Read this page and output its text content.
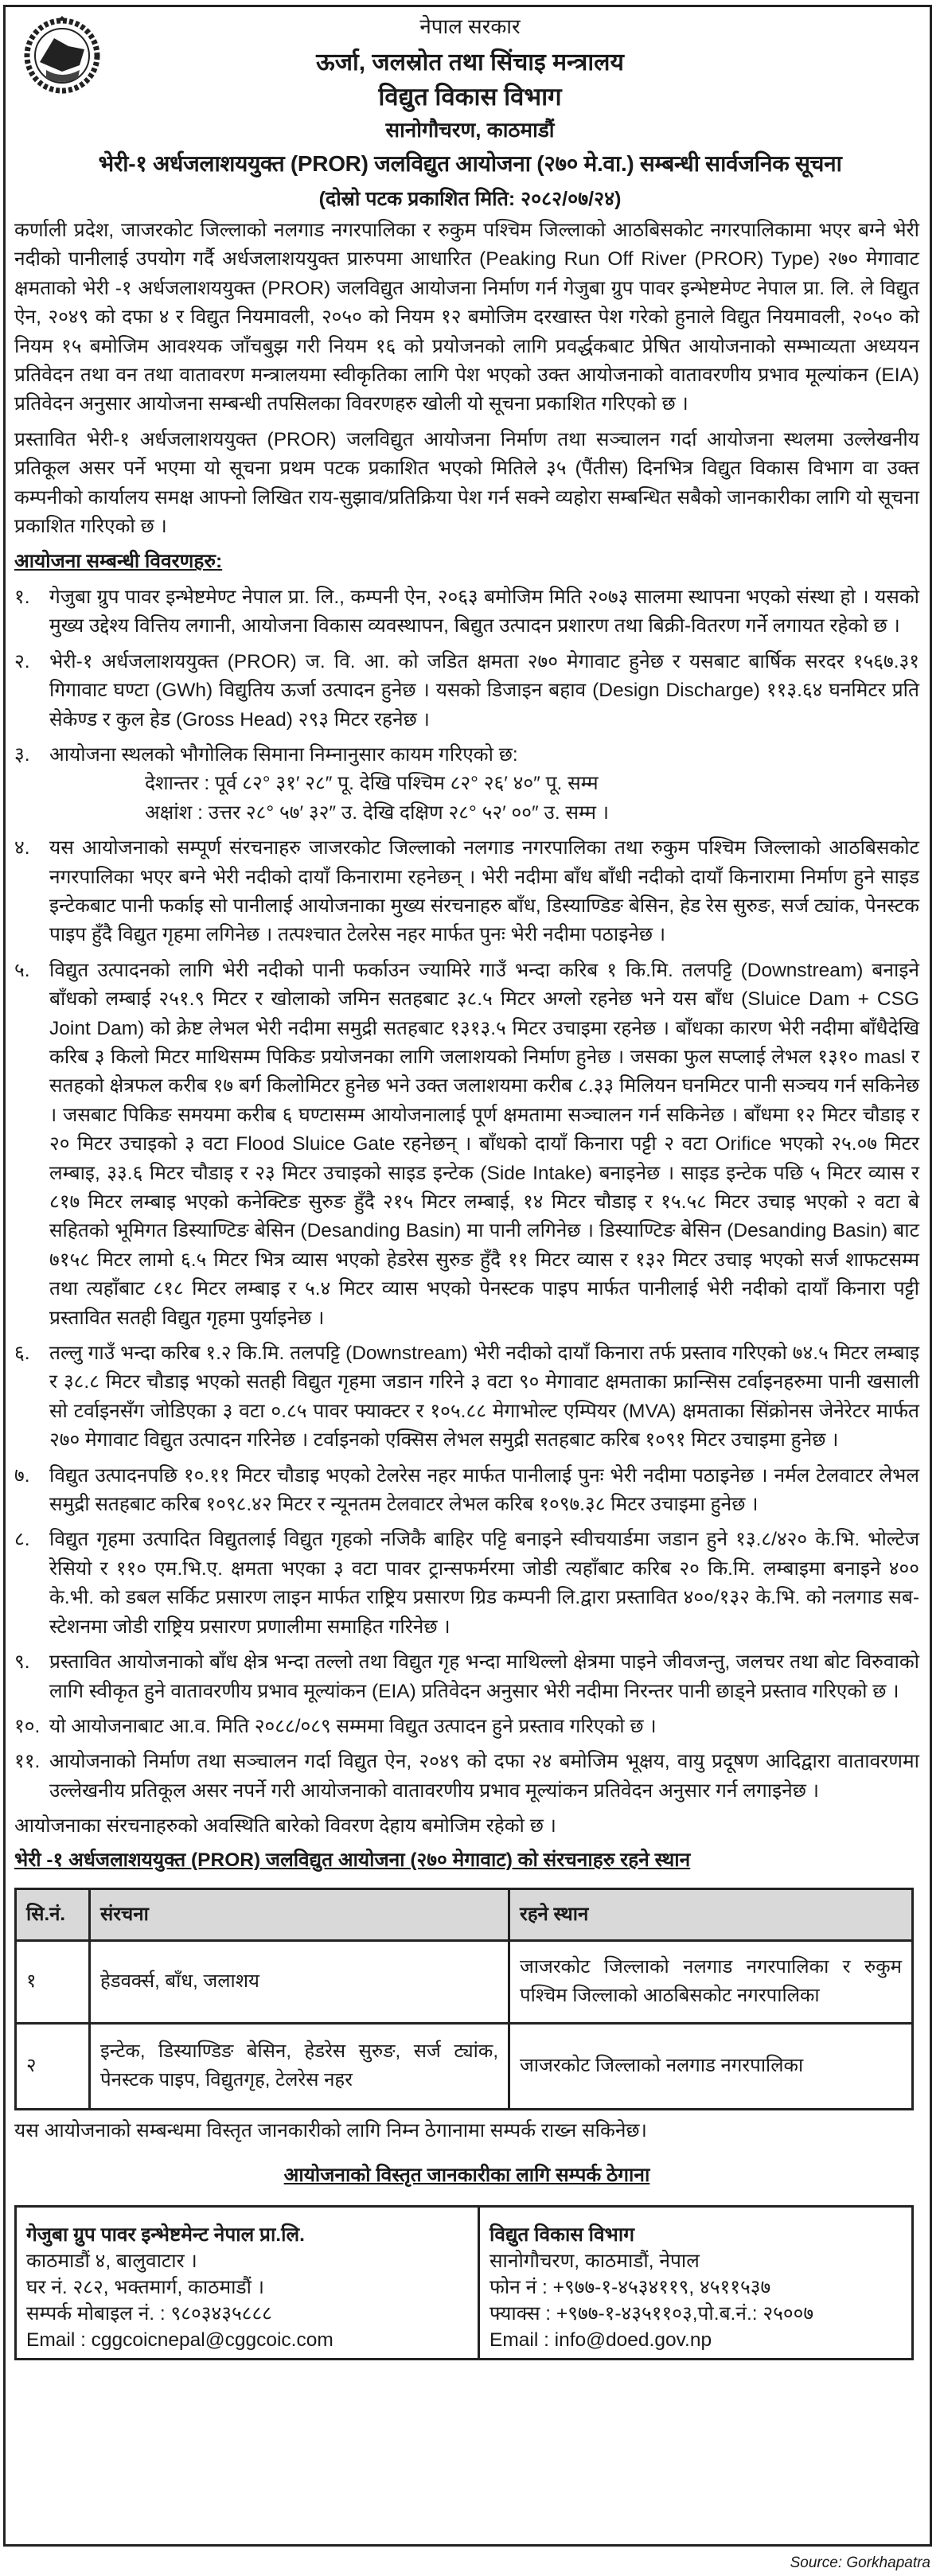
नेपाल सरकार
ऊर्जा, जलस्रोत तथा सिंचाइ मन्त्रालय
विद्युत विकास विभाग
सानोगौचरण, काठमाडौं
भेरी-१ अर्धजलाशययुक्त (PROR) जलविद्युत आयोजना (२७० मे.वा.) सम्बन्धी सार्वजनिक सूचना
(दोस्रो पटक प्रकाशित मिति: २०८२/०७/२४)

कर्णाली प्रदेश, जाजरकोट जिल्लाको नलगाड नगरपालिका र रुकुम पश्चिम जिल्लाको आठबिसकोट नगरपालिकामा भएर बग्ने भेरी नदीको पानीलाई उपयोग गर्दै अर्धजलाशययुक्त प्रारुपमा आधारित (Peaking Run Off River (PROR) Type) २७० मेगावाट क्षमताको भेरी -१ अर्धजलाशययुक्त (PROR) जलविद्युत आयोजना निर्माण गर्न गेजुबा ग्रुप पावर इन्भेष्टमेण्ट नेपाल प्रा. लि. ले विद्युत ऐन, २०४९ को दफा ४ र विद्युत नियमावली, २०५० को नियम १२ बमोजिम दरखास्त पेश गरेको हुनाले विद्युत नियमावली, २०५० को नियम १५ बमोजिम आवश्यक जाँचबुझ गरी नियम १६ को प्रयोजनको लागि प्रवर्द्धकबाट प्रेषित आयोजनाको सम्भाव्यता अध्ययन प्रतिवेदन तथा वन तथा वातावरण मन्त्रालयमा स्वीकृतिका लागि पेश भएको उक्त आयोजनाको वातावरणीय प्रभाव मूल्यांकन (EIA) प्रतिवेदन अनुसार आयोजना सम्बन्धी तपसिलका विवरणहरु खोली यो सूचना प्रकाशित गरिएको छ ।

प्रस्तावित भेरी-१ अर्धजलाशययुक्त (PROR) जलविद्युत आयोजना निर्माण तथा सञ्चालन गर्दा आयोजना स्थलमा उल्लेखनीय प्रतिकूल असर पर्ने भएमा यो सूचना प्रथम पटक प्रकाशित भएको मितिले ३५ (पैंतीस) दिनभित्र विद्युत विकास विभाग वा उक्त कम्पनीको कार्यालय समक्ष आफ्नो लिखित राय-सुझाव/प्रतिक्रिया पेश गर्न सक्ने व्यहोरा सम्बन्धित सबैको जानकारीका लागि यो सूचना प्रकाशित गरिएको छ ।

आयोजना सम्बन्धी विवरणहरु:
१. गेजुबा ग्रुप पावर इन्भेष्टमेण्ट नेपाल प्रा. लि., कम्पनी ऐन, २०६३ बमोजिम मिति २०७३ सालमा स्थापना भएको संस्था हो । यसको मुख्य उद्देश्य वित्तिय लगानी, आयोजना विकास व्यवस्थापन, बिद्युत उत्पादन प्रशारण तथा बिक्री-वितरण गर्ने लगायत रहेको छ ।
२. भेरी-१ अर्धजलाशययुक्त (PROR) ज. वि. आ. को जडित क्षमता २७० मेगावाट हुनेछ र यसबाट बार्षिक सरदर १५६७.३१ गिगावाट घण्टा (GWh) विद्युतिय ऊर्जा उत्पादन हुनेछ । यसको डिजाइन बहाव (Design Discharge) ११३.६४ घनमिटर प्रति सेकेण्ड र कुल हेड (Gross Head) २९३ मिटर रहनेछ ।
३. आयोजना स्थलको भौगोलिक सिमाना निम्नानुसार कायम गरिएको छ:
देशान्तर : पूर्व ८२° ३१′ २८″ पू. देखि पश्चिम ८२° २६′ ४०″ पू. सम्म
अक्षांश : उत्तर २८° ५७′ ३२″ उ. देखि दक्षिण २८° ५२′ ००″ उ. सम्म ।
४. यस आयोजनाको सम्पूर्ण संरचनाहरु जाजरकोट जिल्लाको नलगाड नगरपालिका तथा रुकुम पश्चिम जिल्लाको आठबिसकोट नगरपालिका भएर बग्ने भेरी नदीको दायाँ किनारामा रहनेछन् । भेरी नदीमा बाँध बाँधी नदीको दायाँ किनारामा निर्माण हुने साइड इन्टेकबाट पानी फर्काइ सो पानीलाई आयोजनाका मुख्य संरचनाहरु बाँध, डिस्याण्डिङ बेसिन, हेड रेस सुरुङ, सर्ज ट्यांक, पेनस्टक पाइप हुँदै विद्युत गृहमा लगिनेछ । तत्पश्चात टेलरेस नहर मार्फत पुनः भेरी नदीमा पठाइनेछ ।
५. विद्युत उत्पादनको लागि भेरी नदीको पानी फर्काउन ज्यामिरे गाउँ भन्दा करिब १ कि.मि. तलपट्टि (Downstream) बनाइने बाँधको लम्बाई २५१.९ मिटर र खोलाको जमिन सतहबाट ३८.५ मिटर अग्लो रहनेछ भने यस बाँध (Sluice Dam + CSG Joint Dam) को क्रेष्ट लेभल भेरी नदीमा समुद्री सतहबाट १३१३.५ मिटर उचाइमा रहनेछ । बाँधका कारण भेरी नदीमा बाँधैदेखि करिब ३ किलो मिटर माथिसम्म पिकिङ प्रयोजनका लागि जलाशयको निर्माण हुनेछ । जसका फुल सप्लाई लेभल १३१० masl र सतहको क्षेत्रफल करीब १७ बर्ग किलोमिटर हुनेछ भने उक्त जलाशयमा करीब ८.३३ मिलियन घनमिटर पानी सञ्चय गर्न सकिनेछ । जसबाट पिकिङ समयमा करीब ६ घण्टासम्म आयोजनालाई पूर्ण क्षमतामा सञ्चालन गर्न सकिनेछ । बाँधमा १२ मिटर चौडाइ र २० मिटर उचाइको ३ वटा Flood Sluice Gate रहनेछन् । बाँधको दायाँ किनारा पट्टी २ वटा Orifice भएको २५.०७ मिटर लम्बाइ, ३३.६ मिटर चौडाइ र २३ मिटर उचाइको साइड इन्टेक (Side Intake) बनाइनेछ । साइड इन्टेक पछि ५ मिटर व्यास र ८१७ मिटर लम्बाइ भएको कनेक्टिङ सुरुङ हुँदै २१५ मिटर लम्बाई, १४ मिटर चौडाइ र १५.५८ मिटर उचाइ भएको २ वटा बे सहितको भूमिगत डिस्याण्टिङ बेसिन (Desanding Basin) मा पानी लगिनेछ । डिस्याण्टिङ बेसिन (Desanding Basin) बाट ७१५८ मिटर लामो ६.५ मिटर भित्र व्यास भएको हेडरेस सुरुङ हुँदै ११ मिटर व्यास र १३२ मिटर उचाइ भएको सर्ज शाफटसम्म तथा त्यहाँबाट ८१८ मिटर लम्बाइ र ५.४ मिटर व्यास भएको पेनस्टक पाइप मार्फत पानीलाई भेरी नदीको दायाँ किनारा पट्टी प्रस्तावित सतही विद्युत गृहमा पुर्याइनेछ ।
६. तल्लु गाउँ भन्दा करिब १.२ कि.मि. तलपट्टि (Downstream) भेरी नदीको दायाँ किनारा तर्फ प्रस्ताव गरिएको ७४.५ मिटर लम्बाइ र ३८.८ मिटर चौडाइ भएको सतही विद्युत गृहमा जडान गरिने ३ वटा ९० मेगावाट क्षमताका फ्रान्सिस टर्वाइनहरुमा पानी खसाली सो टर्वाइनसँग जोडिएका ३ वटा ०.८५ पावर फ्याक्टर र १०५.८८ मेगाभोल्ट एम्पियर (MVA) क्षमताका सिंक्रोनस जेनेरेटर मार्फत २७० मेगावाट विद्युत उत्पादन गरिनेछ । टर्वाइनको एक्सिस लेभल समुद्री सतहबाट करिब १०९१ मिटर उचाइमा हुनेछ ।
७. विद्युत उत्पादनपछि १०.११ मिटर चौडाइ भएको टेलरेस नहर मार्फत पानीलाई पुनः भेरी नदीमा पठाइनेछ । नर्मल टेलवाटर लेभल समुद्री सतहबाट करिब १०९८.४२ मिटर र न्यूनतम टेलवाटर लेभल करिब १०९७.३८ मिटर उचाइमा हुनेछ ।
८. विद्युत गृहमा उत्पादित विद्युतलाई विद्युत गृहको नजिकै बाहिर पट्टि बनाइने स्वीचयार्डमा जडान हुने १३.८/४२० के.भि. भोल्टेज रेसियो र ११० एम.भि.ए. क्षमता भएका ३ वटा पावर ट्रान्सफर्मरमा जोडी त्यहाँबाट करिब २० कि.मि. लम्बाइमा बनाइने ४०० के.भी. को डबल सर्किट प्रसारण लाइन मार्फत राष्ट्रिय प्रसारण ग्रिड कम्पनी लि.द्वारा प्रस्तावित ४००/१३२ के.भि. को नलगाड सब-स्टेशनमा जोडी राष्ट्रिय प्रसारण प्रणालीमा समाहित गरिनेछ ।
९. प्रस्तावित आयोजनाको बाँध क्षेत्र भन्दा तल्लो तथा विद्युत गृह भन्दा माथिल्लो क्षेत्रमा पाइने जीवजन्तु, जलचर तथा बोट विरुवाको लागि स्वीकृत हुने वातावरणीय प्रभाव मूल्यांकन (EIA) प्रतिवेदन अनुसार भेरी नदीमा निरन्तर पानी छाड्ने प्रस्ताव गरिएको छ ।
१०. यो आयोजनाबाट आ.व. मिति २०८८/०८९ सम्ममा विद्युत उत्पादन हुने प्रस्ताव गरिएको छ ।
११. आयोजनाको निर्माण तथा सञ्चालन गर्दा विद्युत ऐन, २०४९ को दफा २४ बमोजिम भूक्षय, वायु प्रदूषण आदिद्वारा वातावरणमा उल्लेखनीय प्रतिकूल असर नपर्ने गरी आयोजनाको वातावरणीय प्रभाव मूल्यांकन प्रतिवेदन अनुसार गर्न लगाइनेछ ।
आयोजनाका संरचनाहरुको अवस्थिति बारेको विवरण देहाय बमोजिम रहेको छ ।
भेरी -१ अर्धजलाशययुक्त (PROR) जलविद्युत आयोजना (२७० मेगावाट) को संरचनाहरु रहने स्थान
सि.नं.	संरचना	रहने स्थान
१	हेडवर्क्स, बाँध, जलाशय	जाजरकोट जिल्लाको नलगाड नगरपालिका र रुकुम पश्चिम जिल्लाको आठबिसकोट नगरपालिका
२	इन्टेक, डिस्याण्डिङ बेसिन, हेडरेस सुरुङ, सर्ज ट्यांक, पेनस्टक पाइप, विद्युतगृह, टेलरेस नहर	जाजरकोट जिल्लाको नलगाड नगरपालिका
यस आयोजनाको सम्बन्धमा विस्तृत जानकारीको लागि निम्न ठेगानामा सम्पर्क राख्न सकिनेछ।
आयोजनाको विस्तृत जानकारीका लागि सम्पर्क ठेगाना
गेजुबा ग्रुप पावर इन्भेष्टमेन्ट नेपाल प्रा.लि.
काठमाडौं ४, बालुवाटार ।
घर नं. २८२, भक्तमार्ग, काठमाडौं ।
सम्पर्क मोबाइल नं. : ९८०३४३५८८८
Email : cggcoicnepal@cggcoic.com
विद्युत विकास विभाग
सानोगौचरण, काठमाडौं, नेपाल
फोन नं : +९७७-१-४५३४११९, ४५११५३७
फ्याक्स : +९७७-१-४३५११०३,पो.ब.नं.: २५००७
Email : info@doed.gov.np
Source: Gorkhapatra
